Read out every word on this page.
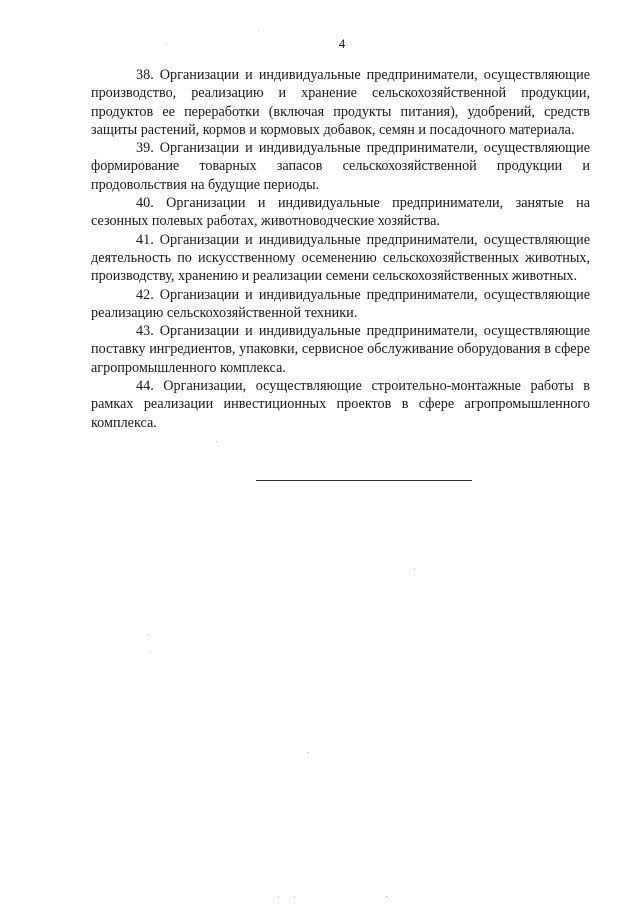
4

38. Организации и индивидуальные предприниматели, осуществляющие производство, реализацию и хранение сельскохозяйственной продукции, продуктов ее переработки (включая продукты питания), удобрений, средств защиты растений, кормов и кормовых добавок, семян и посадочного материала.

39. Организации и индивидуальные предприниматели, осуществляющие формирование товарных запасов сельскохозяйственной продукции и продовольствия на будущие периоды.

40. Организации и индивидуальные предприниматели, занятые на сезонных полевых работах, животноводческие хозяйства.

41. Организации и индивидуальные предприниматели, осуществляющие деятельность по искусственному осеменению сельскохозяйственных животных, производству, хранению и реализации семени сельскохозяйственных животных.

42. Организации и индивидуальные предприниматели, осуществляющие реализацию сельскохозяйственной техники.

43. Организации и индивидуальные предприниматели, осуществляющие поставку ингредиентов, упаковки, сервисное обслуживание оборудования в сфере агропромышленного комплекса.

44. Организации, осуществляющие строительно-монтажные работы в рамках реализации инвестиционных проектов в сфере агропромышленного комплекса.
